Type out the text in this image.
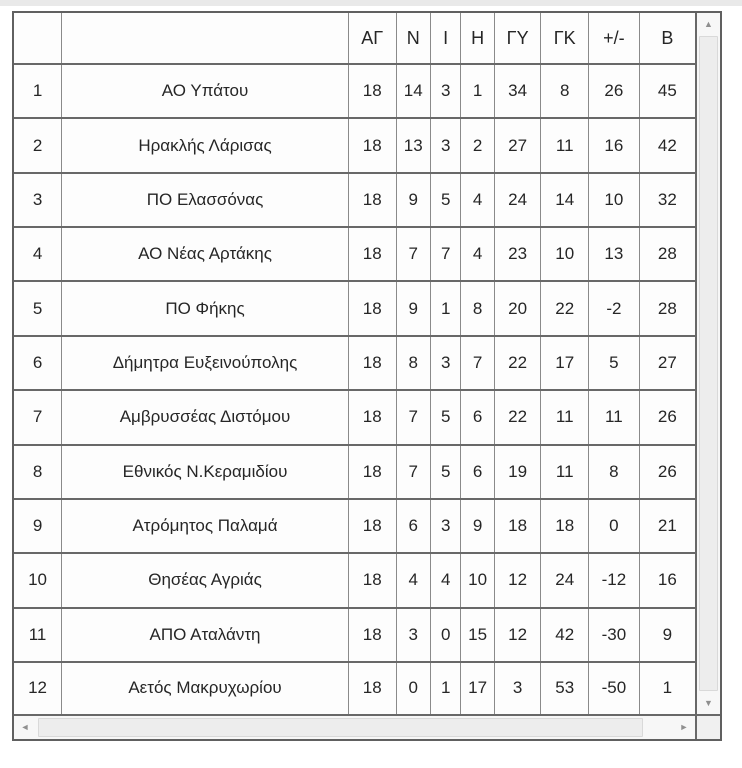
		ΑΓ	Ν	Ι	Η	ΓΥ	ΓΚ	+/-	Β
1	ΑΟ Υπάτου	18	14	3	1	34	8	26	45
2	Ηρακλής Λάρισας	18	13	3	2	27	11	16	42
3	ΠΟ Ελασσόνας	18	9	5	4	24	14	10	32
4	ΑΟ Νέας Αρτάκης	18	7	7	4	23	10	13	28
5	ΠΟ Φήκης	18	9	1	8	20	22	-2	28
6	Δήμητρα Ευξεινούπολης	18	8	3	7	22	17	5	27
7	Αμβρυσσέας Διστόμου	18	7	5	6	22	11	11	26
8	Εθνικός Ν.Κεραμιδίου	18	7	5	6	19	11	8	26
9	Ατρόμητος Παλαμά	18	6	3	9	18	18	0	21
10	Θησέας Αγριάς	18	4	4	10	12	24	-12	16
11	ΑΠΟ Αταλάντη	18	3	0	15	12	42	-30	9
12	Αετός Μακρυχωρίου	18	0	1	17	3	53	-50	1
▲
▼
◄	►
